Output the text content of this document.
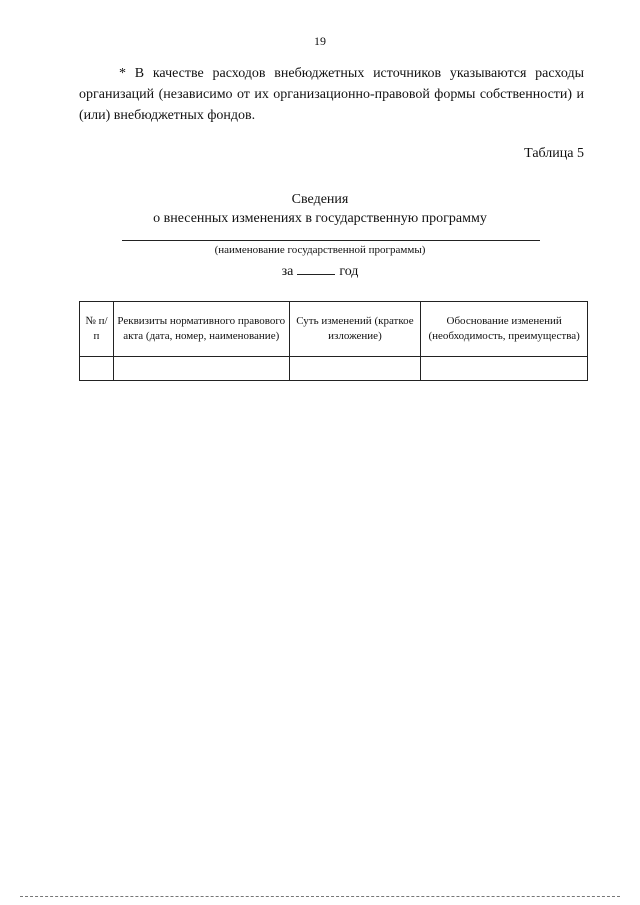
19
* В качестве расходов внебюджетных источников указываются расходы организаций (независимо от их организационно-правовой формы собственности) и (или) внебюджетных фондов.
Таблица 5
Сведения
о внесенных изменениях в государственную программу
(наименование государственной программы)
за	год
№ п/п	Реквизиты нормативного правового акта (дата, номер, наименование)	Суть изменений (краткое изложение)	Обоснование изменений (необходимость, преимущества)
